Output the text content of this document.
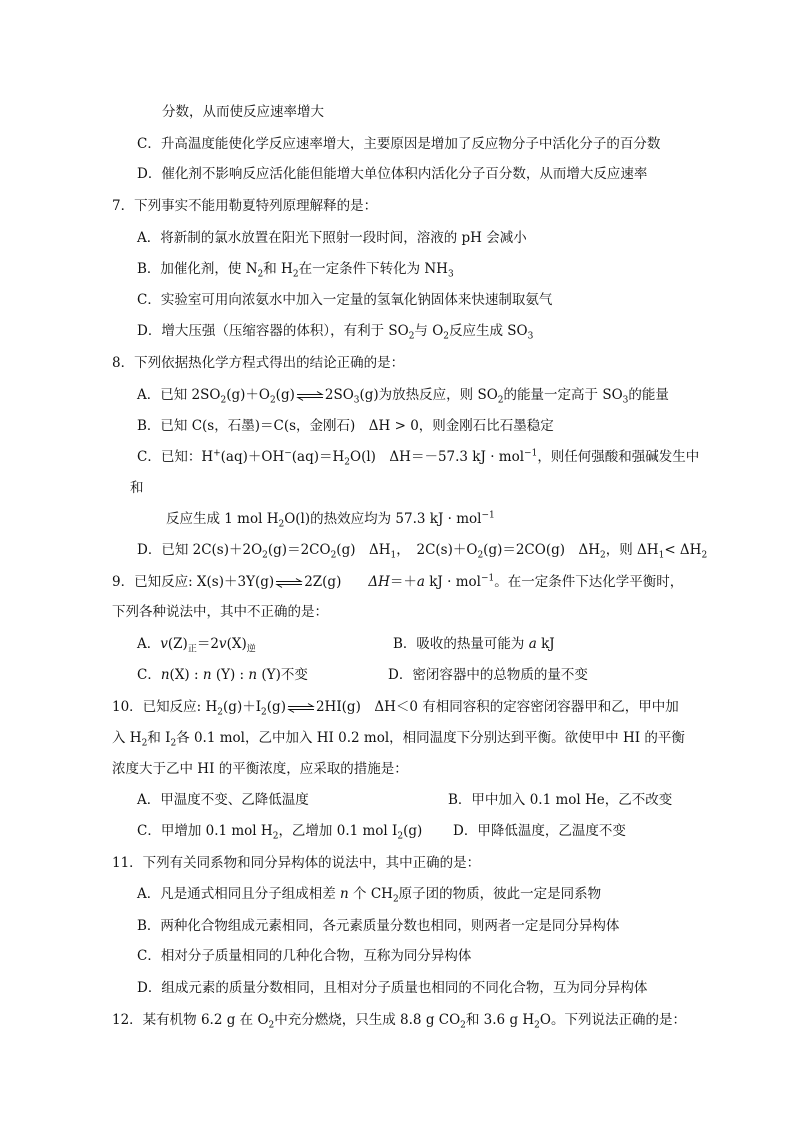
分数，从而使反应速率增大
C．升高温度能使化学反应速率增大，主要原因是增加了反应物分子中活化分子的百分数
D．催化剂不影响反应活化能但能增大单位体积内活化分子百分数，从而增大反应速率
7．下列事实不能用勒夏特列原理解释的是：
A．将新制的氯水放置在阳光下照射一段时间，溶液的 pH 会减小
B．加催化剂，使 $N_2$和 $H_2$在一定条件下转化为 $NH_3$
C．实验室可用向浓氨水中加入一定量的氢氧化钠固体来快速制取氨气
D．增大压强（压缩容器的体积），有利于 $SO_2$与 $O_2$反应生成 $SO_3$
8．下列依据热化学方程式得出的结论正确的是：
A．已知 $2SO_2(g)+O_2(g)\rightleftharpoons 2SO_3(g)$为放热反应，则 $SO_2$的能量一定高于 $SO_3$的能量
B．已知 C(s，石墨)＝C(s，金刚石)　ΔH > 0，则金刚石比石墨稳定
C．已知：$H^+(aq)+OH^-(aq)=H_2O(l)$　ΔH＝－57.3 kJ · mol$^{-1}$，则任何强酸和强碱发生中
和
反应生成 1 mol $H_2O(l)$的热效应均为 57.3 kJ · mol$^{-1}$
D．已知 $2C(s)+2O_2(g)=2CO_2(g)$　$\Delta H_1$，　$2C(s)+O_2(g)=2CO(g)$　$\Delta H_2$，则 $\Delta H_1< \Delta H_2$
9．已知反应: X(s)＋3Y(g)⇌2Z(g)　　ΔH＝＋a kJ · mol$^{-1}$。在一定条件下达化学平衡时，
下列各种说法中，其中不正确的是：
A．$v(Z)_正=2v(X)_逆$	B．吸收的热量可能为 a kJ
C．n(X) : n (Y) : n (Y)不变	D．密闭容器中的总物质的量不变
10．已知反应: $H_2(g)+I_2(g)\rightleftharpoons 2HI(g)$　ΔH＜0 有相同容积的定容密闭容器甲和乙，甲中加
入 $H_2$和 $I_2$各 0.1 mol，乙中加入 HI 0.2 mol，相同温度下分别达到平衡。欲使甲中 HI 的平衡
浓度大于乙中 HI 的平衡浓度，应采取的措施是：
A．甲温度不变、乙降低温度	B．甲中加入 0.1 mol He，乙不改变
C．甲增加 0.1 mol $H_2$，乙增加 0.1 mol $I_2(g)$ D．甲降低温度，乙温度不变
11．下列有关同系物和同分异构体的说法中，其中正确的是：
A．凡是通式相同且分子组成相差 n 个 $CH_2$原子团的物质，彼此一定是同系物
B．两种化合物组成元素相同，各元素质量分数也相同，则两者一定是同分异构体
C．相对分子质量相同的几种化合物，互称为同分异构体
D．组成元素的质量分数相同，且相对分子质量也相同的不同化合物，互为同分异构体
12．某有机物 6.2 g 在 $O_2$中充分燃烧，只生成 8.8 g $CO_2$和 3.6 g $H_2O$。下列说法正确的是：
